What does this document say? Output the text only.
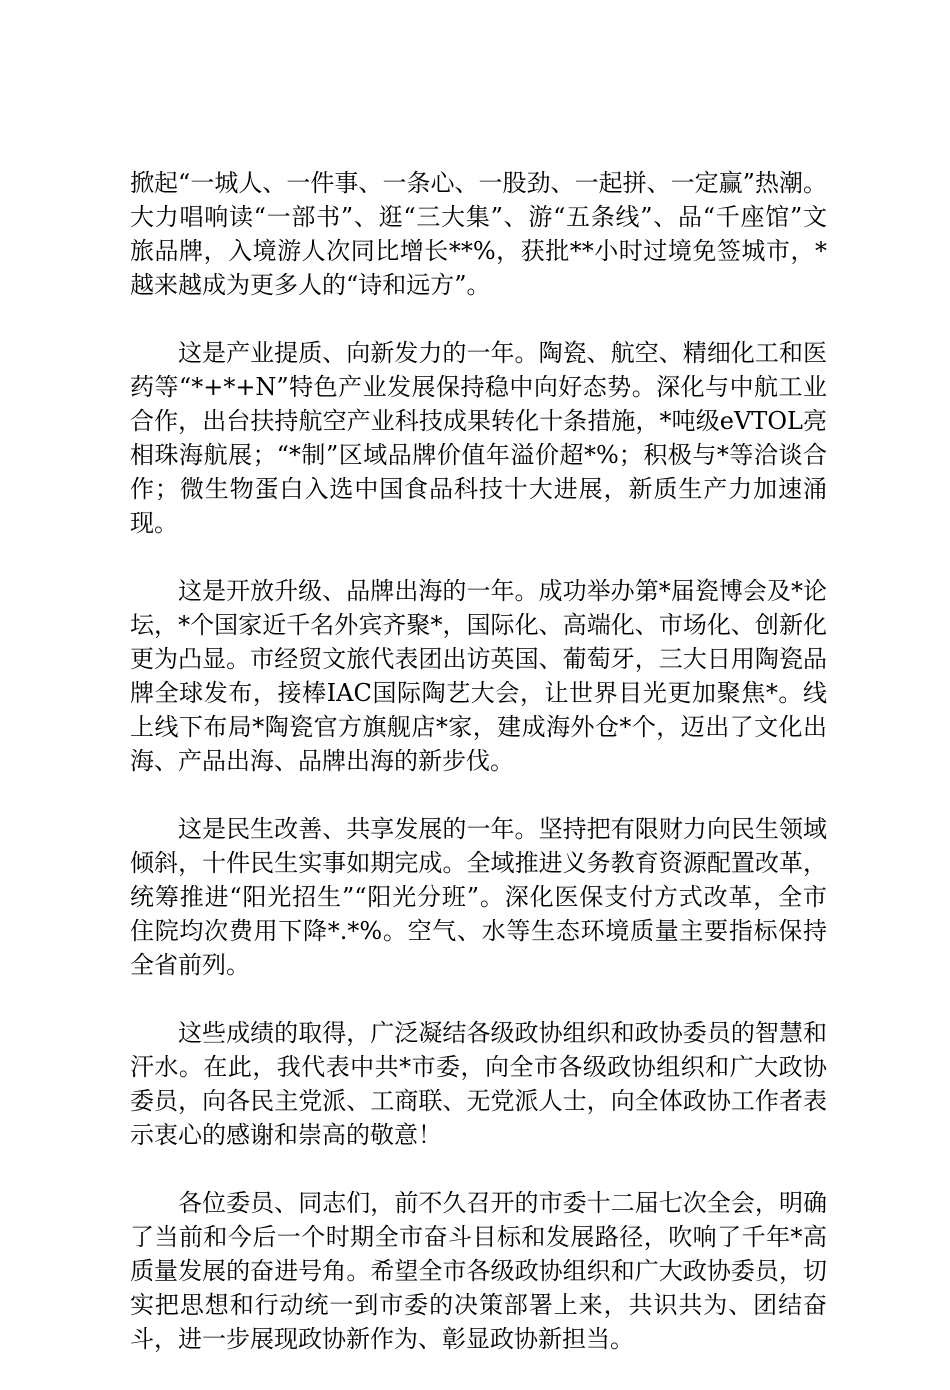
掀起“一城人、一件事、一条心、一股劲、一起拼、一定赢”热潮。大力唱响读“一部书”、逛“三大集”、游“五条线”、品“千座馆”文旅品牌，入境游人次同比增长**%，获批**小时过境免签城市，*越来越成为更多人的“诗和远方”。

这是产业提质、向新发力的一年。陶瓷、航空、精细化工和医药等“*+*+N”特色产业发展保持稳中向好态势。深化与中航工业合作，出台扶持航空产业科技成果转化十条措施，*吨级eVTOL亮相珠海航展；“*制”区域品牌价值年溢价超*%；积极与*等洽谈合作；微生物蛋白入选中国食品科技十大进展，新质生产力加速涌现。

这是开放升级、品牌出海的一年。成功举办第*届瓷博会及*论坛，*个国家近千名外宾齐聚*，国际化、高端化、市场化、创新化更为凸显。市经贸文旅代表团出访英国、葡萄牙，三大日用陶瓷品牌全球发布，接棒IAC国际陶艺大会，让世界目光更加聚焦*。线上线下布局*陶瓷官方旗舰店*家，建成海外仓*个，迈出了文化出海、产品出海、品牌出海的新步伐。

这是民生改善、共享发展的一年。坚持把有限财力向民生领域倾斜，十件民生实事如期完成。全域推进义务教育资源配置改革，统筹推进“阳光招生”“阳光分班”。深化医保支付方式改革，全市住院均次费用下降*.*%。空气、水等生态环境质量主要指标保持全省前列。

这些成绩的取得，广泛凝结各级政协组织和政协委员的智慧和汗水。在此，我代表中共*市委，向全市各级政协组织和广大政协委员，向各民主党派、工商联、无党派人士，向全体政协工作者表示衷心的感谢和崇高的敬意！

各位委员、同志们，前不久召开的市委十二届七次全会，明确了当前和今后一个时期全市奋斗目标和发展路径，吹响了千年*高质量发展的奋进号角。希望全市各级政协组织和广大政协委员，切实把思想和行动统一到市委的决策部署上来，共识共为、团结奋斗，进一步展现政协新作为、彰显政协新担当。
